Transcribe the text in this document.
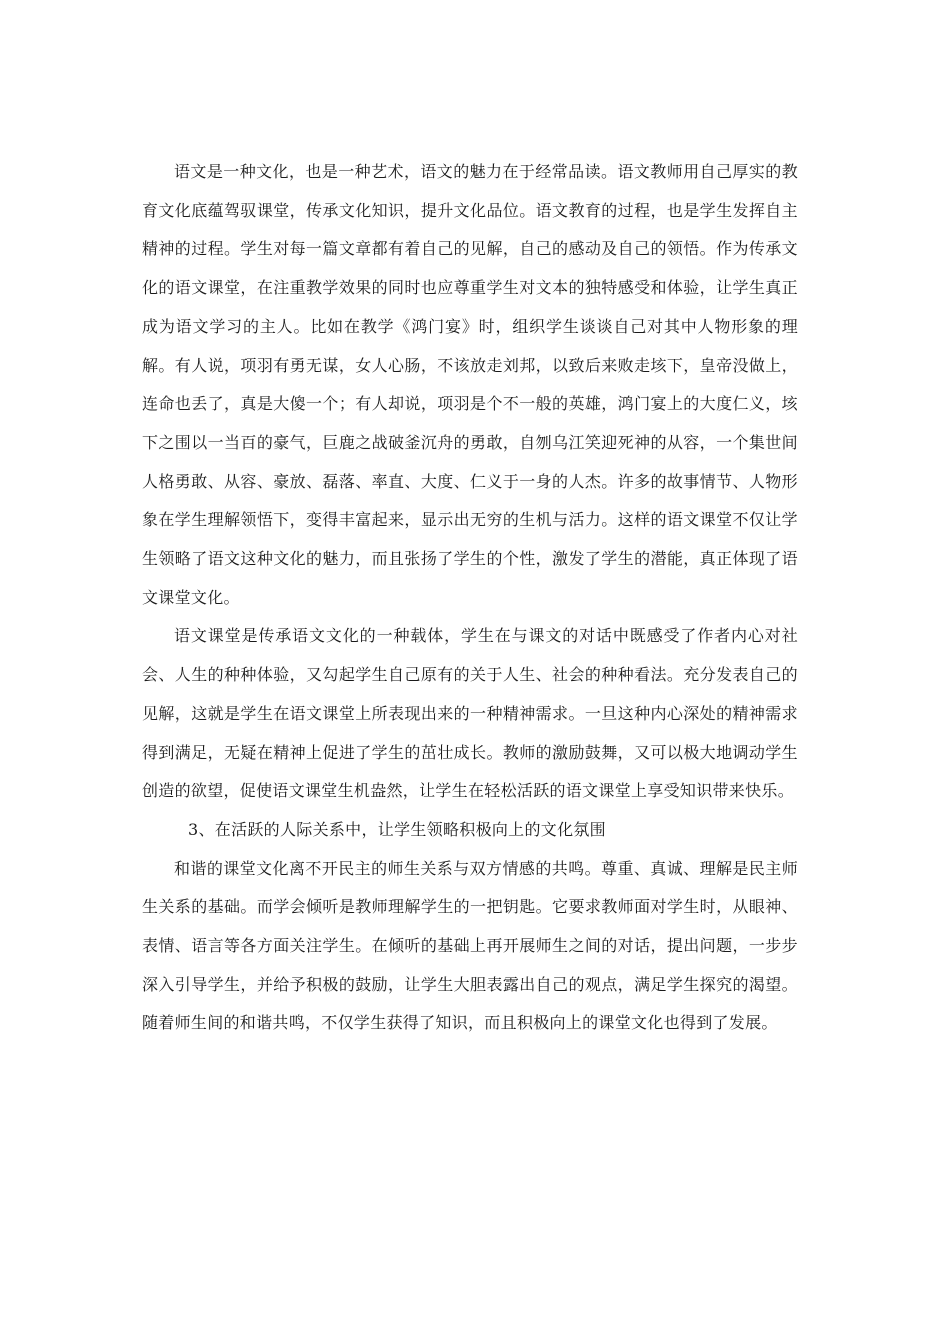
语文是一种文化，也是一种艺术，语文的魅力在于经常品读。语文教师用自己厚实的教育文化底蕴驾驭课堂，传承文化知识，提升文化品位。语文教育的过程，也是学生发挥自主精神的过程。学生对每一篇文章都有着自己的见解，自己的感动及自己的领悟。作为传承文化的语文课堂，在注重教学效果的同时也应尊重学生对文本的独特感受和体验，让学生真正成为语文学习的主人。比如在教学《鸿门宴》时，组织学生谈谈自己对其中人物形象的理解。有人说，项羽有勇无谋，女人心肠，不该放走刘邦，以致后来败走垓下，皇帝没做上，连命也丢了，真是大傻一个；有人却说，项羽是个不一般的英雄，鸿门宴上的大度仁义，垓下之围以一当百的豪气，巨鹿之战破釜沉舟的勇敢，自刎乌江笑迎死神的从容，一个集世间人格勇敢、从容、豪放、磊落、率直、大度、仁义于一身的人杰。许多的故事情节、人物形象在学生理解领悟下，变得丰富起来，显示出无穷的生机与活力。这样的语文课堂不仅让学生领略了语文这种文化的魅力，而且张扬了学生的个性，激发了学生的潜能，真正体现了语文课堂文化。

语文课堂是传承语文文化的一种载体，学生在与课文的对话中既感受了作者内心对社会、人生的种种体验，又勾起学生自己原有的关于人生、社会的种种看法。充分发表自己的见解，这就是学生在语文课堂上所表现出来的一种精神需求。一旦这种内心深处的精神需求得到满足，无疑在精神上促进了学生的茁壮成长。教师的激励鼓舞，又可以极大地调动学生创造的欲望，促使语文课堂生机盎然，让学生在轻松活跃的语文课堂上享受知识带来快乐。

3、在活跃的人际关系中，让学生领略积极向上的文化氛围

和谐的课堂文化离不开民主的师生关系与双方情感的共鸣。尊重、真诚、理解是民主师生关系的基础。而学会倾听是教师理解学生的一把钥匙。它要求教师面对学生时，从眼神、表情、语言等各方面关注学生。在倾听的基础上再开展师生之间的对话，提出问题，一步步深入引导学生，并给予积极的鼓励，让学生大胆表露出自己的观点，满足学生探究的渴望。随着师生间的和谐共鸣，不仅学生获得了知识，而且积极向上的课堂文化也得到了发展。
